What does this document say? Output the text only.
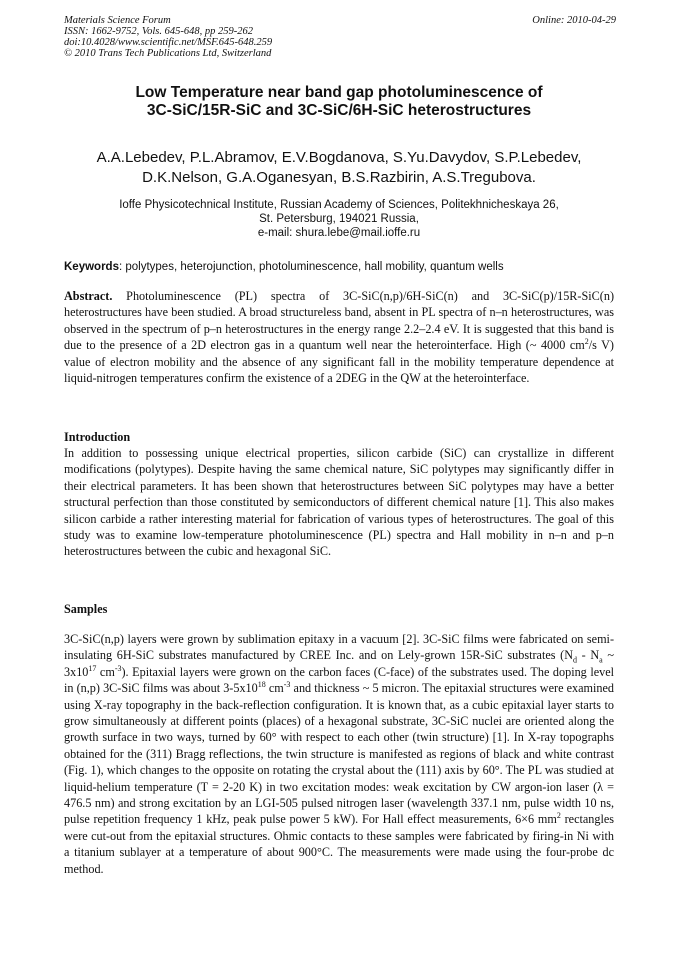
Materials Science Forum
ISSN: 1662-9752, Vols. 645-648, pp 259-262
doi:10.4028/www.scientific.net/MSF.645-648.259
© 2010 Trans Tech Publications Ltd, Switzerland
Online: 2010-04-29
Low Temperature near band gap photoluminescence of
3C-SiC/15R-SiC and 3C-SiC/6H-SiC heterostructures
A.A.Lebedev, P.L.Abramov, E.V.Bogdanova, S.Yu.Davydov, S.P.Lebedev,
D.K.Nelson, G.A.Oganesyan, B.S.Razbirin, A.S.Tregubova.
Ioffe Physicotechnical Institute, Russian Academy of Sciences, Politekhnicheskaya 26,
St. Petersburg, 194021 Russia,
e-mail: shura.lebe@mail.ioffe.ru
Keywords: polytypes, heterojunction, photoluminescence, hall mobility, quantum wells
Abstract. Photoluminescence (PL) spectra of 3C-SiC(n,p)/6H-SiC(n) and 3C-SiC(p)/15R-SiC(n) heterostructures have been studied. A broad structureless band, absent in PL spectra of n–n heterostructures, was observed in the spectrum of p–n heterostructures in the energy range 2.2–2.4 eV. It is suggested that this band is due to the presence of a 2D electron gas in a quantum well near the heterointerface. High (~ 4000 $cm^2/s$ V) value of electron mobility and the absence of any significant fall in the mobility temperature dependence at liquid-nitrogen temperatures confirm the existence of a 2DEG in the QW at the heterointerface.
Introduction
In addition to possessing unique electrical properties, silicon carbide (SiC) can crystallize in different modifications (polytypes). Despite having the same chemical nature, SiC polytypes may significantly differ in their electrical parameters. It has been shown that heterostructures between SiC polytypes may have a better structural perfection than those constituted by semiconductors of different chemical nature [1]. This also makes silicon carbide a rather interesting material for fabrication of various types of heterostructures. The goal of this study was to examine low-temperature photoluminescence (PL) spectra and Hall mobility in n–n and p–n heterostructures between the cubic and hexagonal SiC.
Samples
3C-SiC(n,p) layers were grown by sublimation epitaxy in a vacuum [2]. 3C-SiC films were fabricated on semi-insulating 6H-SiC substrates manufactured by CREE Inc. and on Lely-grown 15R-SiC substrates ($N_d - N_a$ ~ $3x10^{17}$ $cm^{-3}$). Epitaxial layers were grown on the carbon faces (C-face) of the substrates used. The doping level in (n,p) 3C-SiC films was about $3-5x10^{18}$ $cm^{-3}$ and thickness ~ 5 micron. The epitaxial structures were examined using X-ray topography in the back-reflection configuration. It is known that, as a cubic epitaxial layer starts to grow simultaneously at different points (places) of a hexagonal substrate, 3C-SiC nuclei are oriented along the growth surface in two ways, turned by 60° with respect to each other (twin structure) [1]. In X-ray topographs obtained for the (311) Bragg reflections, the twin structure is manifested as regions of black and white contrast (Fig. 1), which changes to the opposite on rotating the crystal about the (111) axis by 60°. The PL was studied at liquid-helium temperature (T = 2-20 K) in two excitation modes: weak excitation by CW argon-ion laser (λ = 476.5 nm) and strong excitation by an LGI-505 pulsed nitrogen laser (wavelength 337.1 nm, pulse width 10 ns, pulse repetition frequency 1 kHz, peak pulse power 5 kW). For Hall effect measurements, 6×6 $mm^2$ rectangles were cut-out from the epitaxial structures. Ohmic contacts to these samples were fabricated by firing-in Ni with a titanium sublayer at a temperature of about 900°C. The measurements were made using the four-probe dc method.
